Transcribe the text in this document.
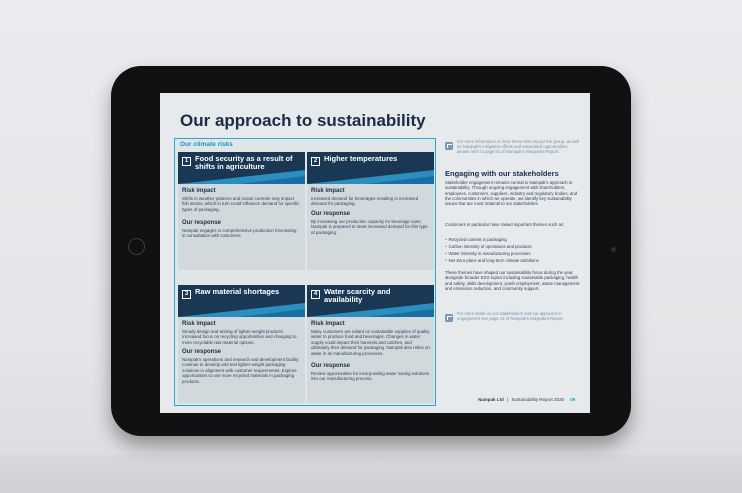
Our approach to sustainability
Our climate risks
1 Food security as a result of shifts in agriculture
Risk impact
Shifts in weather patterns and ocean currents may impact fish stocks, which in turn could influence demand for specific types of packaging.
Our response
Nampak engages in comprehensive production forecasting in consultation with customers.
2 Higher temperatures
Risk impact
Increased demand for beverages resulting in increased demand for packaging.
Our response
By increasing our production capacity for beverage cans, Nampak is prepared to meet increased demand for this type of packaging.
3 Raw material shortages
Risk impact
Steady design and testing of lighter-weight products. Increased focus on recycling opportunities and changing to more recyclable raw material options.
Our response
Nampak's operations and research and development facility continue to develop and test lighter-weight packaging solutions in alignment with customer requirements. Explore opportunities to use more recycled materials in packaging products.
4 Water scarcity and availability
Risk impact
Many customers are reliant on sustainable supplies of quality water to produce food and beverages. Changes in water supply could impact their harvests and catches, and ultimately their demand for packaging. Nampak also relies on water in its manufacturing processes.
Our response
Review opportunities for incorporating water saving solutions into our manufacturing process.
For more information on how these risks impact the group, as well as Nampak's mitigation efforts and associated opportunities, please refer to page 51 of Nampak's Integrated Report.
Engaging with our stakeholders
Stakeholder engagement remains central to Nampak's approach to sustainability. Through ongoing engagement with shareholders, employees, customers, suppliers, industry and regulatory bodies, and the communities in which we operate, we identify key sustainability issues that are most material to our stakeholders.
Customers in particular have raised important themes such as:
• Recycled content in packaging
• Carbon intensity of operations and products
• Water intensity in manufacturing processes
• Net Zero plans and long-term climate ambitions
These themes have shaped our sustainability focus during the year, alongside broader ESG topics including sustainable packaging, health and safety, skills development, youth employment, waste management and emissions reduction, and community support.
For more detail on our stakeholders and our approach to engagement see page 13 of Nampak's Integrated Report.
Nampak Ltd | Sustainability Report 2025 09
